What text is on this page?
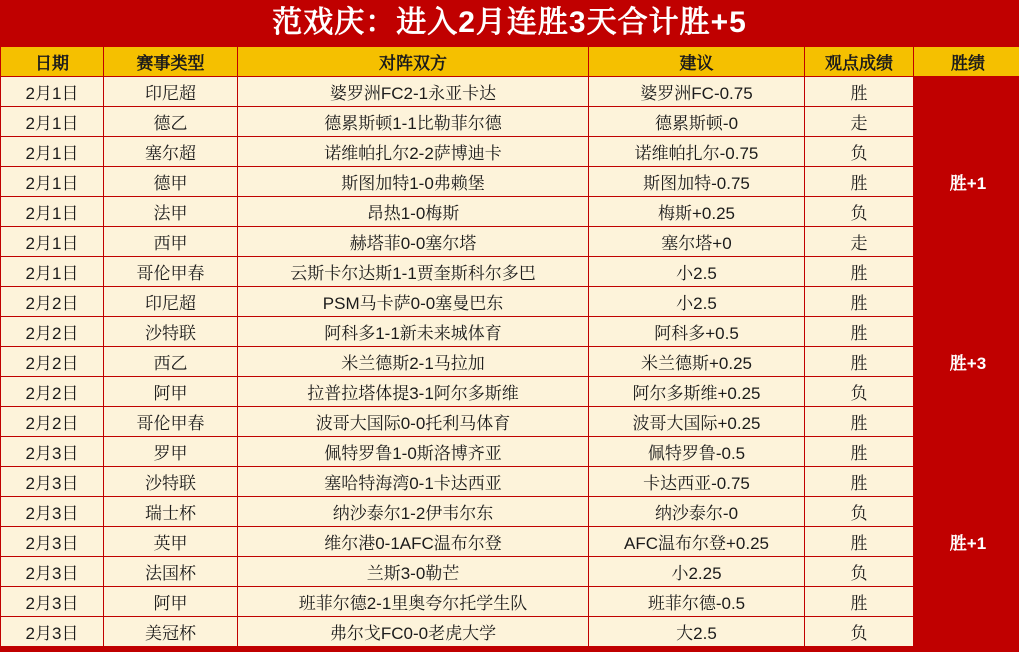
范戏庆：进入2月连胜3天合计胜+5
日期	赛事类型	对阵双方	建议	观点成绩	胜绩
2月1日	印尼超	婆罗洲FC2-1永亚卡达	婆罗洲FC-0.75	胜	胜+1
2月1日	德乙	德累斯顿1-1比勒菲尔德	德累斯顿-0	走	
2月1日	塞尔超	诺维帕扎尔2-2萨博迪卡	诺维帕扎尔-0.75	负	
2月1日	德甲	斯图加特1-0弗赖堡	斯图加特-0.75	胜	
2月1日	法甲	昂热1-0梅斯	梅斯+0.25	负	
2月1日	西甲	赫塔菲0-0塞尔塔	塞尔塔+0	走	
2月1日	哥伦甲春	云斯卡尔达斯1-1贾奎斯科尔多巴	小2.5	胜	
2月2日	印尼超	PSM马卡萨0-0塞曼巴东	小2.5	胜	胜+3
2月2日	沙特联	阿科多1-1新未来城体育	阿科多+0.5	胜	
2月2日	西乙	米兰德斯2-1马拉加	米兰德斯+0.25	胜	
2月2日	阿甲	拉普拉塔体提3-1阿尔多斯维	阿尔多斯维+0.25	负	
2月2日	哥伦甲春	波哥大国际0-0托利马体育	波哥大国际+0.25	胜	
2月3日	罗甲	佩特罗鲁1-0斯洛博齐亚	佩特罗鲁-0.5	胜	胜+1
2月3日	沙特联	塞哈特海湾0-1卡达西亚	卡达西亚-0.75	胜	
2月3日	瑞士杯	纳沙泰尔1-2伊韦尔东	纳沙泰尔-0	负	
2月3日	英甲	维尔港0-1AFC温布尔登	AFC温布尔登+0.25	胜	
2月3日	法国杯	兰斯3-0勒芒	小2.25	负	
2月3日	阿甲	班菲尔德2-1里奥夸尔托学生队	班菲尔德-0.5	胜	
2月3日	美冠杯	弗尔戈FC0-0老虎大学	大2.5	负	
